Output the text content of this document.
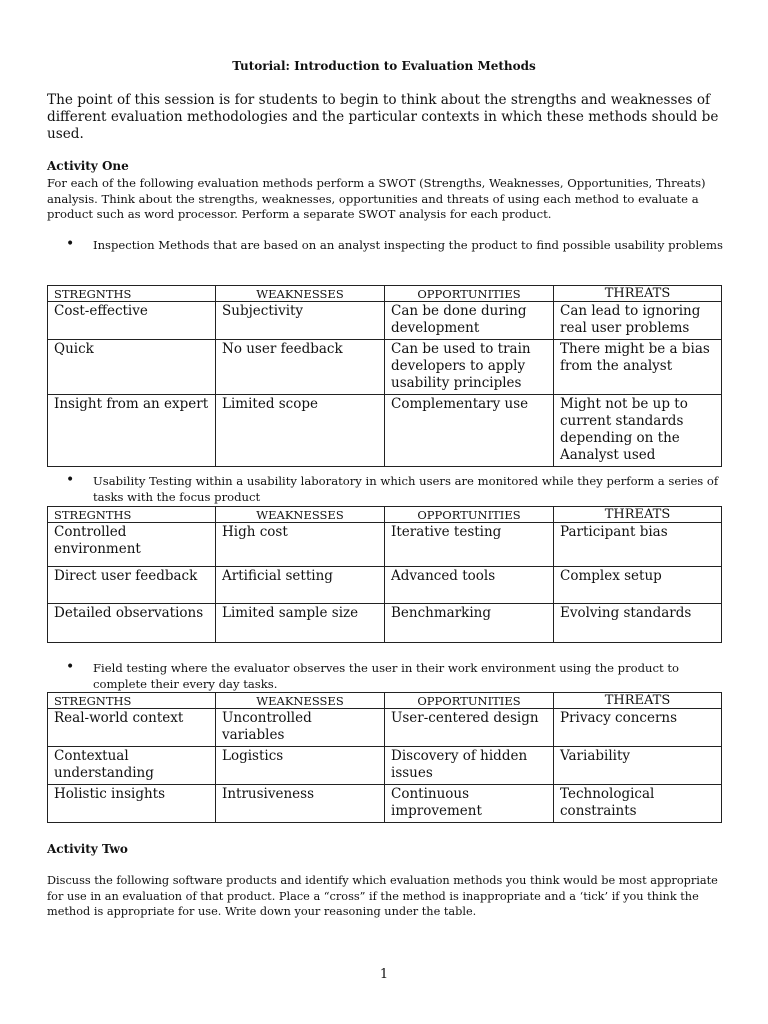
Tutorial: Introduction to Evaluation Methods
The point of this session is for students to begin to think about the strengths and weaknesses of different evaluation methodologies and the particular contexts in which these methods should be used.
Activity One
For each of the following evaluation methods perform a SWOT (Strengths, Weaknesses, Opportunities, Threats) analysis. Think about the strengths, weaknesses, opportunities and threats of using each method to evaluate a product such as word processor. Perform a separate SWOT analysis for each product.
• Inspection Methods that are based on an analyst inspecting the product to find possible usability problems
STREGNTHS	WEAKNESSES	OPPORTUNITIES	THREATS
Cost-effective	Subjectivity	Can be done during development	Can lead to ignoring real user problems
Quick	No user feedback	Can be used to train developers to apply usability principles	There might be a bias from the analyst
Insight from an expert	Limited scope	Complementary use	Might not be up to current standards depending on the Aanalyst used
• Usability Testing within a usability laboratory in which users are monitored while they perform a series of tasks with the focus product
STREGNTHS	WEAKNESSES	OPPORTUNITIES	THREATS
Controlled environment	High cost	Iterative testing	Participant bias
Direct user feedback	Artificial setting	Advanced tools	Complex setup
Detailed observations	Limited sample size	Benchmarking	Evolving standards
• Field testing where the evaluator observes the user in their work environment using the product to complete their every day tasks.
STREGNTHS	WEAKNESSES	OPPORTUNITIES	THREATS
Real-world context	Uncontrolled variables	User-centered design	Privacy concerns
Contextual understanding	Logistics	Discovery of hidden issues	Variability
Holistic insights	Intrusiveness	Continuous improvement	Technological constraints
Activity Two
Discuss the following software products and identify which evaluation methods you think would be most appropriate for use in an evaluation of that product. Place a “cross” if the method is inappropriate and a ‘tick’ if you think the method is appropriate for use. Write down your reasoning under the table.
1
